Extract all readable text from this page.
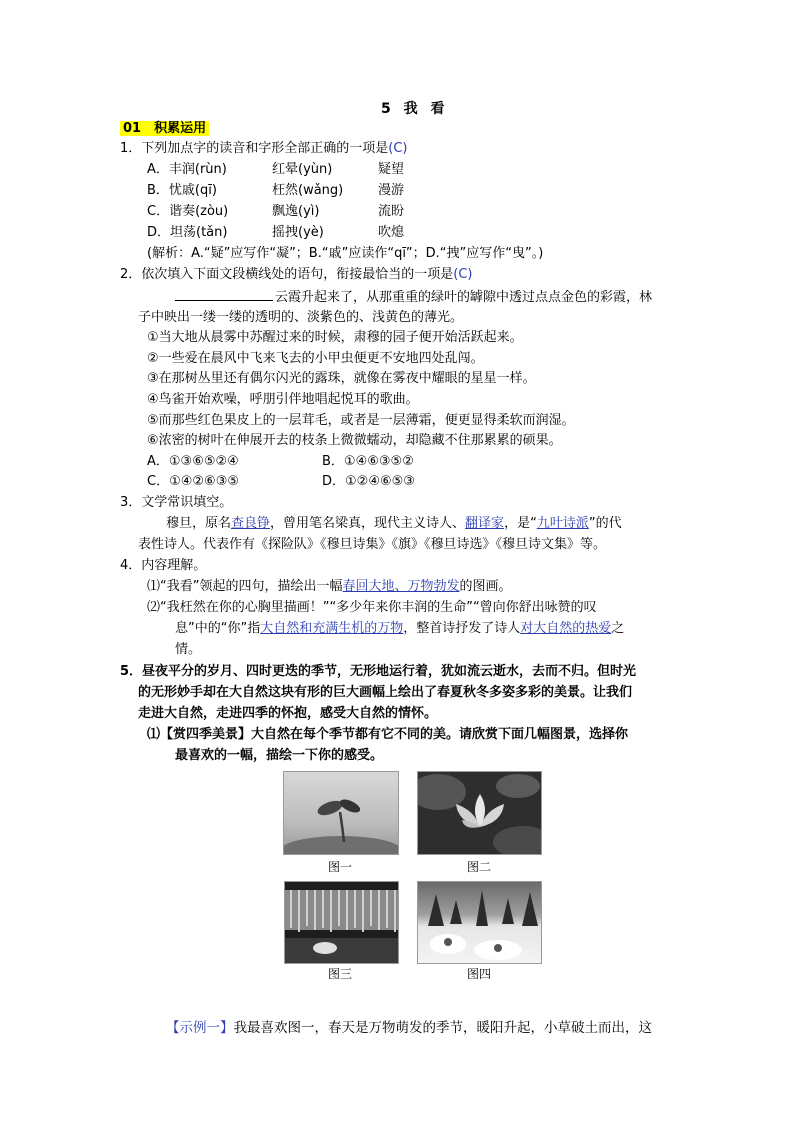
5 我 看
01　积累运用
1．下列加点字的读音和字形全部正确的一项是(C)
A．丰润(rùn)	红晕(yùn)	疑望
B．忧戚(qī)	枉然(wǎng)	漫游
C．谐奏(zòu)	飘逸(yì)	流盼
D．坦荡(tǎn)	摇拽(yè)	吹熄
(解析：A.“疑”应写作“凝”；B.“戚”应读作“qī”；D.“拽”应写作“曳”。)
2．依次填入下面文段横线处的语句，衔接最恰当的一项是(C)
云霞升起来了，从那重重的绿叶的罅隙中透过点点金色的彩霞，林
子中映出一缕一缕的透明的、淡紫色的、浅黄色的薄光。
①当大地从晨雾中苏醒过来的时候，肃穆的园子便开始活跃起来。
②一些爱在晨风中飞来飞去的小甲虫便更不安地四处乱闯。
③在那树丛里还有偶尔闪光的露珠，就像在雾夜中耀眼的星星一样。
④鸟雀开始欢噪，呼朋引伴地唱起悦耳的歌曲。
⑤而那些红色果皮上的一层茸毛，或者是一层薄霜，便更显得柔软而润湿。
⑥浓密的树叶在伸展开去的枝条上微微蠕动，却隐藏不住那累累的硕果。
A．①③⑥⑤②④	B．①④⑥③⑤②
C．①④②⑥③⑤	D．①②④⑥⑤③
3．文学常识填空。
穆旦，原名查良铮，曾用笔名梁真，现代主义诗人、翻译家，是“九叶诗派”的代
表性诗人。代表作有《探险队》《穆旦诗集》《旗》《穆旦诗选》《穆旦诗文集》等。
4．内容理解。
⑴“我看”领起的四句，描绘出一幅春回大地、万物勃发的图画。
⑵“我枉然在你的心胸里描画！”“多少年来你丰润的生命”“曾向你舒出咏赞的叹
息”中的“你”指大自然和充满生机的万物，整首诗抒发了诗人对大自然的热爱之
情。
5．昼夜平分的岁月、四时更迭的季节，无形地运行着，犹如流云逝水，去而不归。但时光
的无形妙手却在大自然这块有形的巨大画幅上绘出了春夏秋冬多姿多彩的美景。让我们
走进大自然，走进四季的怀抱，感受大自然的情怀。
⑴【赏四季美景】大自然在每个季节都有它不同的美。请欣赏下面几幅图景，选择你
最喜欢的一幅，描绘一下你的感受。
图一	图二
图三	图四
【示例一】我最喜欢图一，春天是万物萌发的季节，暖阳升起，小草破土而出，这
